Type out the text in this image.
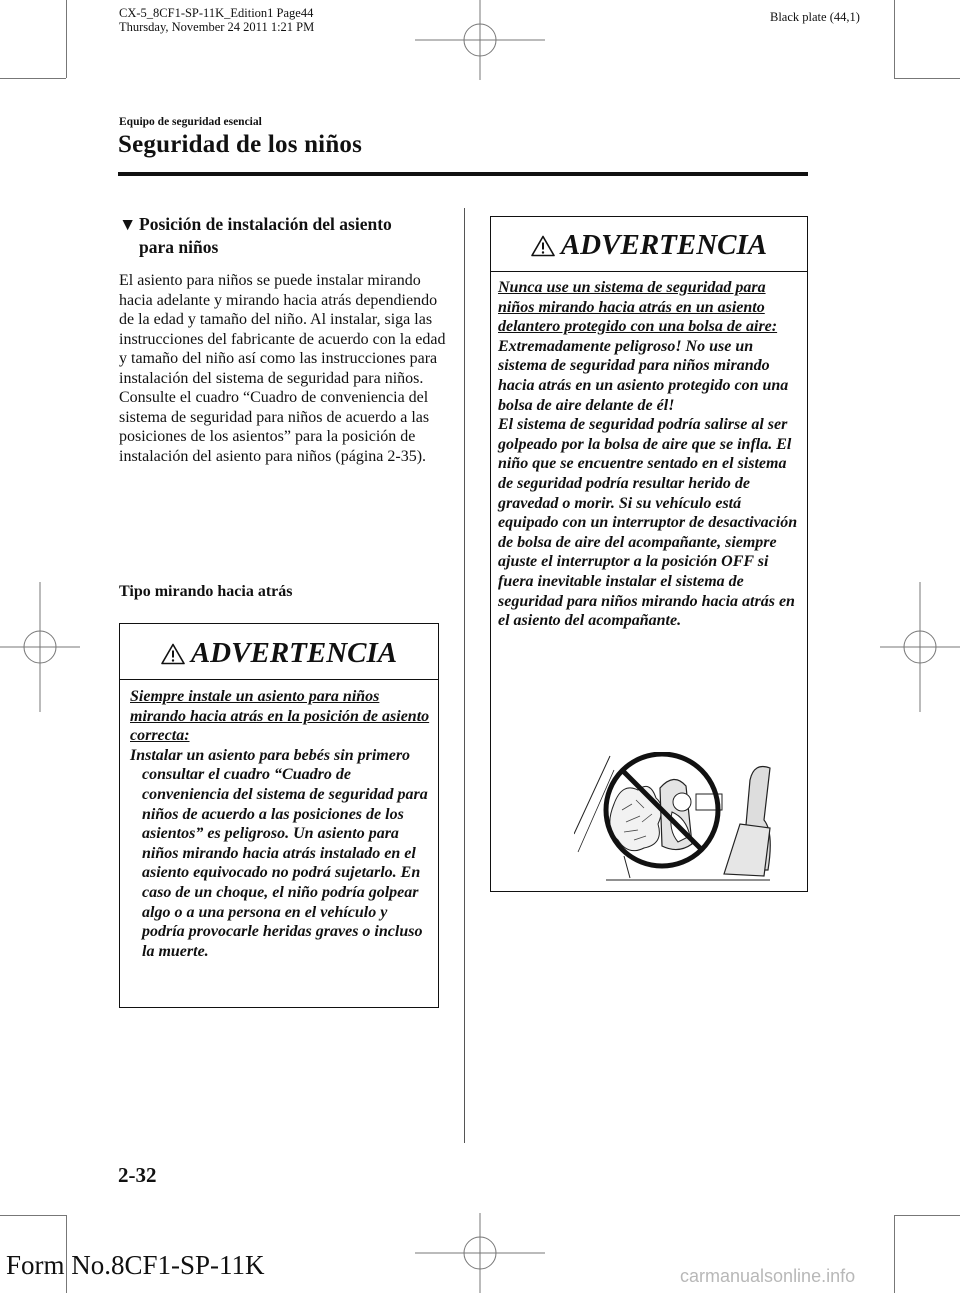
CX-5_8CF1-SP-11K_Edition1 Page44
Thursday, November 24 2011 1:21 PM
Black plate (44,1)
Equipo de seguridad esencial
Seguridad de los niños
▼ Posición de instalación del asiento
para niños

El asiento para niños se puede instalar mirando hacia adelante y mirando hacia atrás dependiendo de la edad y tamaño del niño. Al instalar, siga las instrucciones del fabricante de acuerdo con la edad y tamaño del niño así como las instrucciones para instalación del sistema de seguridad para niños.

Consulte el cuadro “Cuadro de conveniencia del sistema de seguridad para niños de acuerdo a las posiciones de los asientos” para la posición de instalación del asiento para niños (página 2-35).

Tipo mirando hacia atrás
ADVERTENCIA
Siempre instale un asiento para niños mirando hacia atrás en la posición de asiento correcta:
Instalar un asiento para bebés sin primero consultar el cuadro “Cuadro de conveniencia del sistema de seguridad para niños de acuerdo a las posiciones de los asientos” es peligroso. Un asiento para niños mirando hacia atrás instalado en el asiento equivocado no podrá sujetarlo. En caso de un choque, el niño podría golpear algo o a una persona en el vehículo y podría provocarle heridas graves o incluso la muerte.
ADVERTENCIA
Nunca use un sistema de seguridad para niños mirando hacia atrás en un asiento delantero protegido con una bolsa de aire:
Extremadamente peligroso! No use un sistema de seguridad para niños mirando hacia atrás en un asiento protegido con una bolsa de aire delante de él!
El sistema de seguridad podría salirse al ser golpeado por la bolsa de aire que se infla. El niño que se encuentre sentado en el sistema de seguridad podría resultar herido de gravedad o morir. Si su vehículo está equipado con un interruptor de desactivación de bolsa de aire del acompañante, siempre ajuste el interruptor a la posición OFF si fuera inevitable instalar el sistema de seguridad para niños mirando hacia atrás en el asiento del acompañante.
2-32
Form No.8CF1-SP-11K	carmanualsonline.info
